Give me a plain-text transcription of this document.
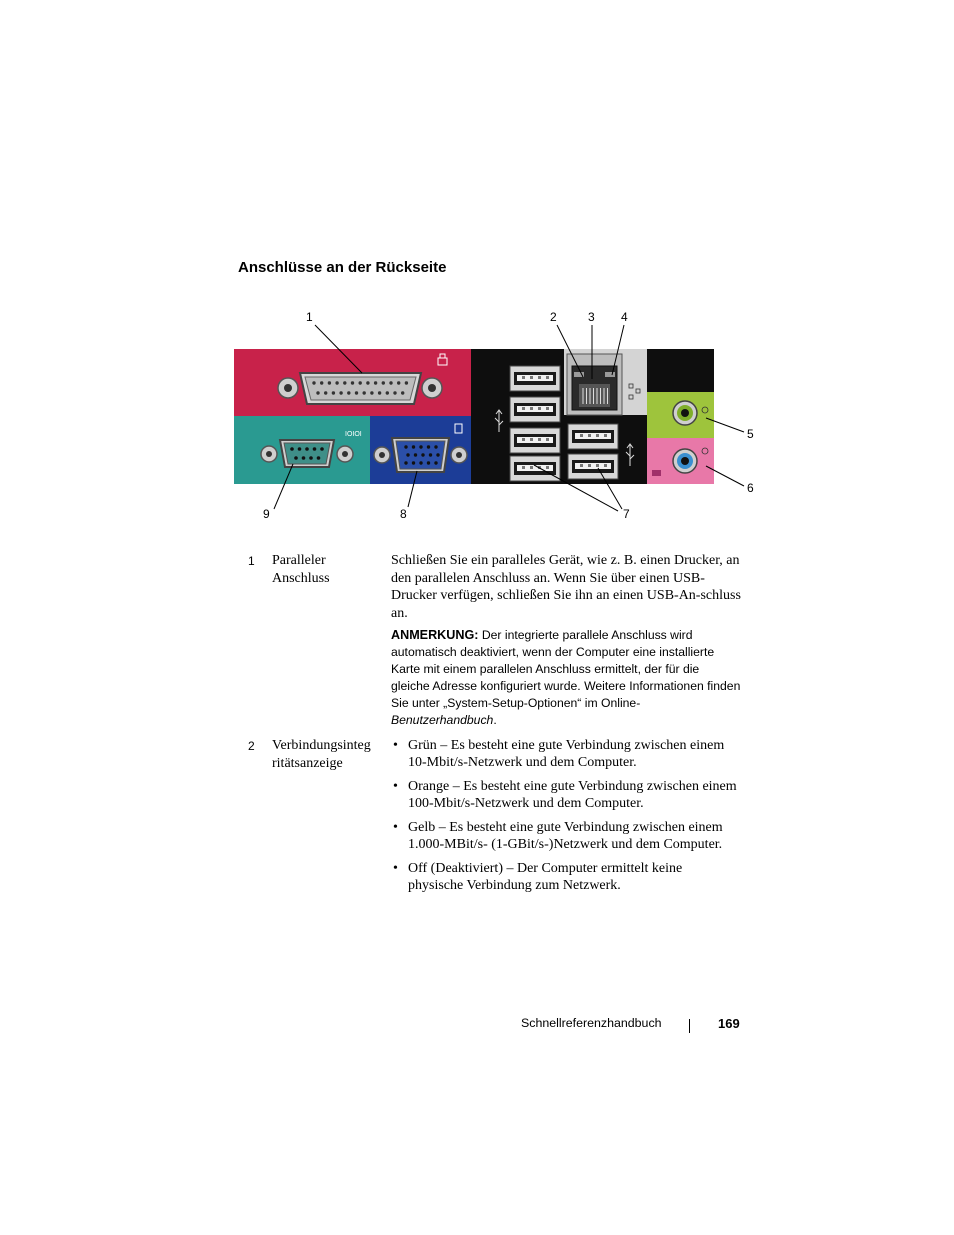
Anschlüsse an der Rückseite
IOIOI
1	2	3 4
5
6
7
8
9
1 Paralleler Anschluss
Schließen Sie ein paralleles Gerät, wie z. B. einen Drucker, an den parallelen Anschluss an. Wenn Sie über einen USB-Drucker verfügen, schließen Sie ihn an einen USB-An-schluss an.
ANMERKUNG: Der integrierte parallele Anschluss wird automatisch deaktiviert, wenn der Computer eine installierte Karte mit einem parallelen Anschluss ermittelt, der für die gleiche Adresse konfiguriert wurde. Weitere Informationen finden Sie unter „System-Setup-Optionen“ im Online- Benutzerhandbuch.
2 Verbindungsinteg ritätsanzeige
• Grün – Es besteht eine gute Verbindung zwischen einem 10-Mbit/s-Netzwerk und dem Computer.
• Orange – Es besteht eine gute Verbindung zwischen einem 100-Mbit/s-Netzwerk und dem Computer.
• Gelb – Es besteht eine gute Verbindung zwischen einem 1.000-MBit/s- (1-GBit/s-)Netzwerk und dem Computer.
• Off (Deaktiviert) – Der Computer ermittelt keine physische Verbindung zum Netzwerk.
Schnellreferenzhandbuch	169
